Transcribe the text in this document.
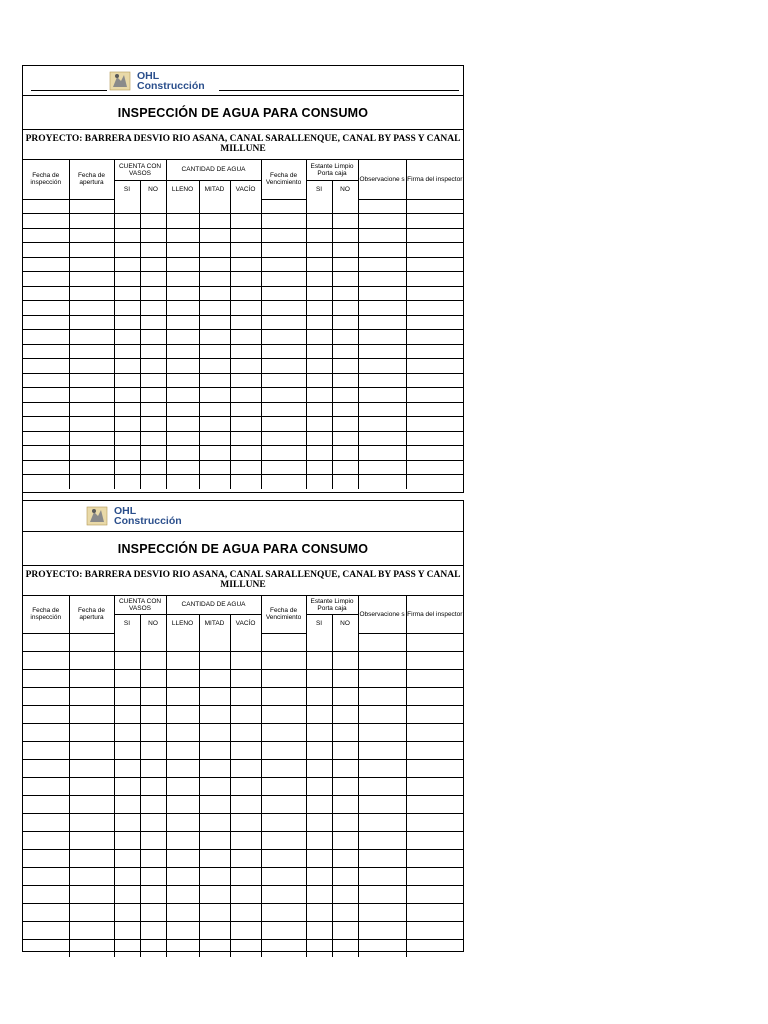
OHL
Construcción
INSPECCIÓN DE AGUA PARA CONSUMO
PROYECTO: BARRERA DESVIO RIO ASANA, CANAL SARALLENQUE, CANAL BY PASS Y CANAL MILLUNE
Fecha de inspección	Fecha de apertura	CUENTA CON VASOS		CANTIDAD DE AGUA			Fecha de Vencimiento	Estante Limpio Porta caja		Observacione s	Firma del inspector
		SI	NO	LLENO	MITAD	VACÍO		SI	NO		

OHL
Construcción
INSPECCIÓN DE AGUA PARA CONSUMO
PROYECTO: BARRERA DESVIO RIO ASANA, CANAL SARALLENQUE, CANAL BY PASS Y CANAL MILLUNE
Fecha de inspección	Fecha de apertura	CUENTA CON VASOS		CANTIDAD DE AGUA			Fecha de Vencimiento	Estante Limpio Porta caja		Observacione s	Firma del inspector
		SI	NO	LLENO	MITAD	VACÍO		SI	NO		
